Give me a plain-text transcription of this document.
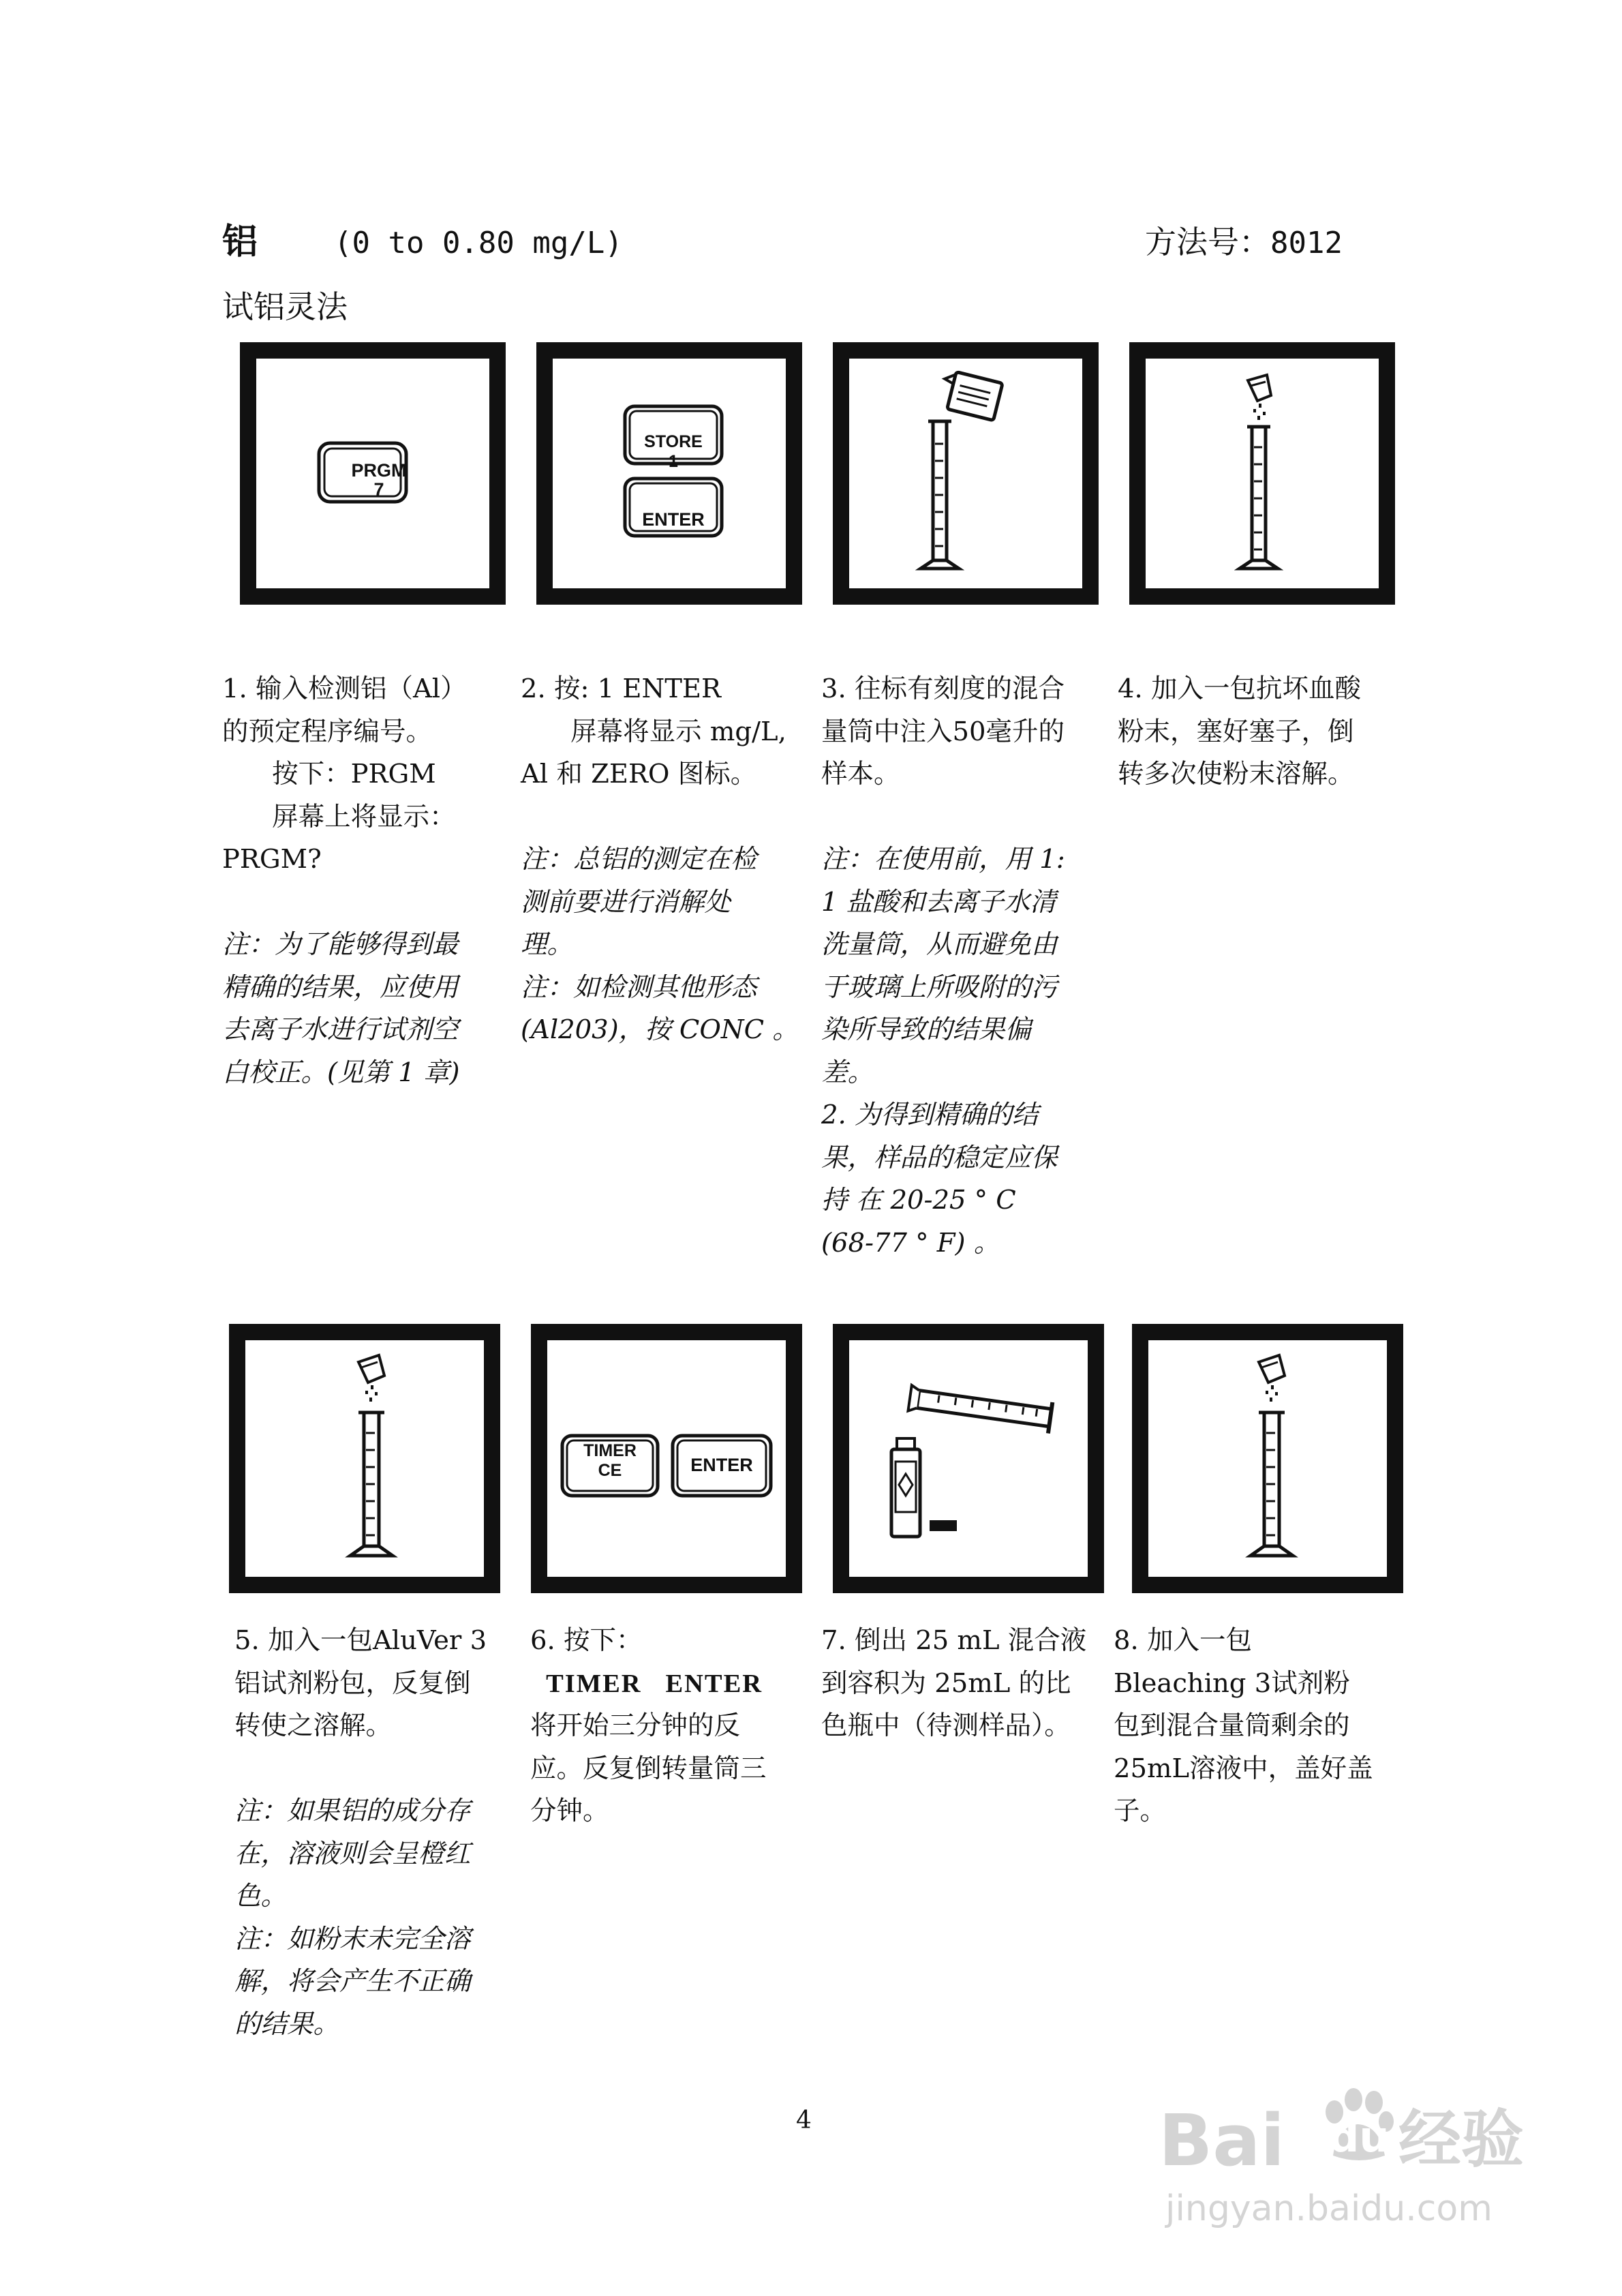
铝	(0 to 0.80 mg/L)	方法号：8012
试铝灵法
PRGM
7
STORE
1
ENTER

1. 输入检测铝（Al）

的预定程序编号。

按下：PRGM

屏幕上将显示：

PRGM?

注：为了能够得到最

精确的结果，应使用

去离子水进行试剂空

白校正。(见第 1 章)

2. 按: 1 ENTER

屏幕将显示 mg/L,

Al 和 ZERO 图标。

注：总铝的测定在检

测前要进行消解处

理。

注：如检测其他形态

(Al203)，按 CONC 。

3. 往标有刻度的混合

量筒中注入50毫升的

样本。

注：在使用前，用 1:

1 盐酸和去离子水清

洗量筒，从而避免由

于玻璃上所吸附的污

染所导致的结果偏

差。

2. 为得到精确的结

果，样品的稳定应保

持 在 20-25 ° C

(68-77 ° F) 。

4. 加入一包抗坏血酸

粉末，塞好塞子，倒

转多次使粉末溶解。

TIMER
CE	ENTER

5. 加入一包AluVer 3

铝试剂粉包，反复倒

转使之溶解。

注：如果铝的成分存

在，溶液则会呈橙红

色。

注：如粉末未完全溶

解，将会产生不正确

的结果。

6. 按下：

TIMER   ENTER

将开始三分钟的反

应。反复倒转量筒三

分钟。

7. 倒出 25 mL 混合液

到容积为 25mL 的比

色瓶中（待测样品）。

8. 加入一包

Bleaching 3试剂粉

包到混合量筒剩余的

25mL溶液中，盖好盖

子。

4	Bai du 经验
jingyan.baidu.com
